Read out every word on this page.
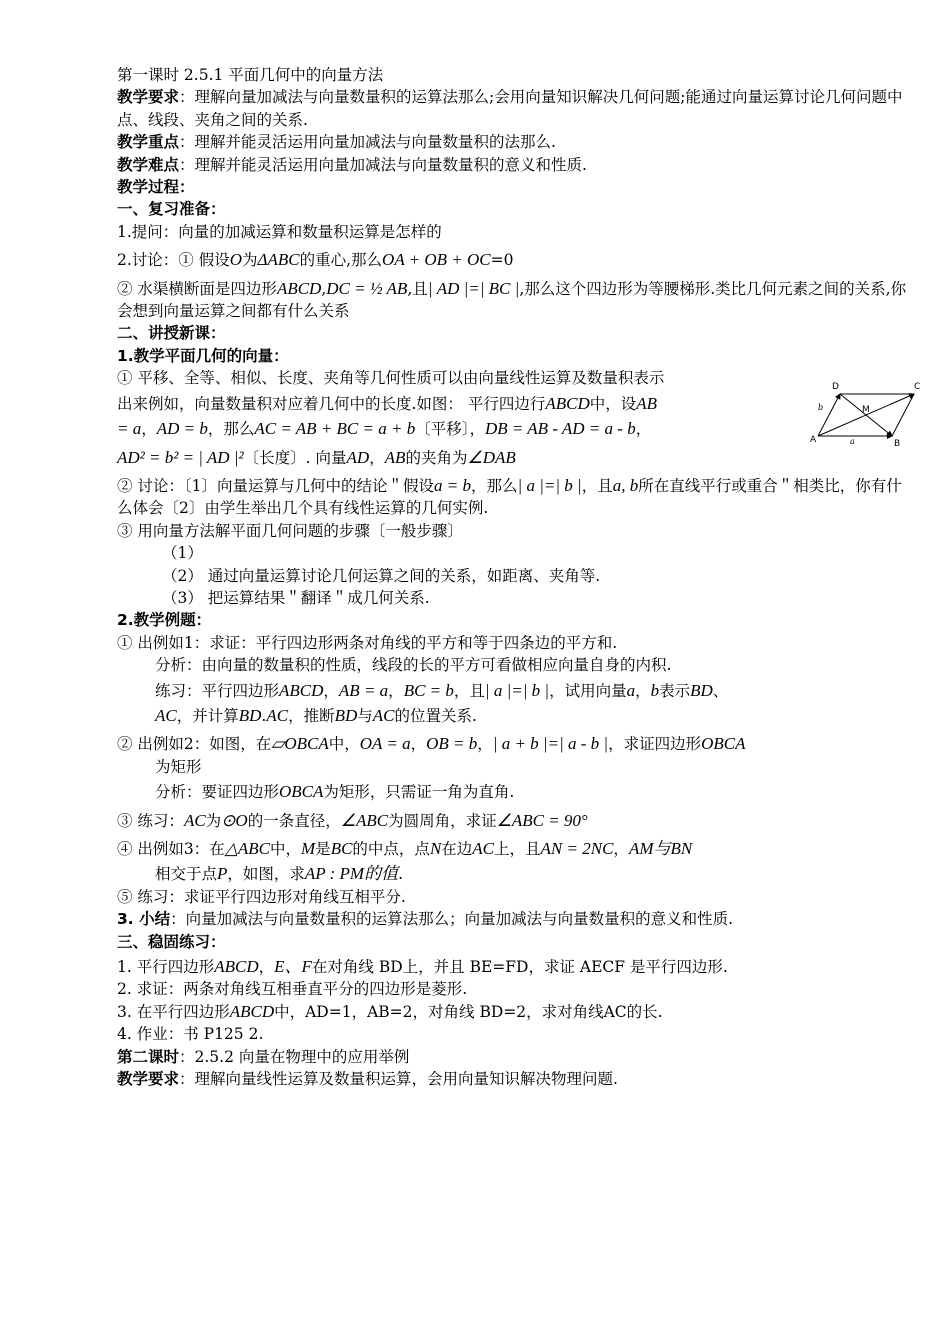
第一课时 2.5.1 平面几何中的向量方法

教学要求：理解向量加减法与向量数量积的运算法那么;会用向量知识解决几何问题;能通过向量运算讨论几何问题中点、线段、夹角之间的关系.

教学重点：理解并能灵活运用向量加减法与向量数量积的法那么.

教学难点：理解并能灵活运用向量加减法与向量数量积的意义和性质.

教学过程：

一、复习准备：

1.提问：向量的加减运算和数量积运算是怎样的

2.讨论：① 假设O为ΔABC的重心,那么OA + OB + OC=0

② 水渠横断面是四边形ABCD,DC = ½ AB,且| AD |=| BC |,那么这个四边形为等腰梯形.类比几何元素之间的关系,你会想到向量运算之间都有什么关系

二、讲授新课：

1.教学平面几何的向量：

① 平移、全等、相似、长度、夹角等几何性质可以由向量线性运算及数量积表示

出来例如，向量数量积对应着几何中的长度.如图： 平行四边行ABCD中，设AB

= a，AD = b，那么AC = AB + BC = a + b〔平移〕，DB = AB - AD = a - b，

AD² = b² = | AD |²〔长度〕. 向量AD，AB的夹角为∠DAB

② 讨论：〔1〕向量运算与几何中的结论＂假设a = b，那么| a |=| b |，且a, b所在直线平行或重合＂相类比，你有什么体会〔2〕由学生举出几个具有线性运算的几何实例.

③ 用向量方法解平面几何问题的步骤〔一般步骤〕

（1）

（2） 通过向量运算讨论几何运算之间的关系，如距离、夹角等.

（3） 把运算结果＂翻译＂成几何关系.

2.教学例题：

① 出例如1：求证：平行四边形两条对角线的平方和等于四条边的平方和.

分析：由向量的数量积的性质，线段的长的平方可看做相应向量自身的内积.

练习：平行四边形ABCD，AB = a，BC = b，且| a |=| b |，试用向量a，b表示BD、

AC，并计算BD.AC，推断BD与AC的位置关系.

② 出例如2：如图，在▱OBCA中，OA = a，OB = b，| a + b |=| a - b |，求证四边形OBCA

为矩形

分析：要证四边形OBCA为矩形，只需证一角为直角.

③ 练习：AC为⊙O的一条直径，∠ABC为圆周角，求证∠ABC = 90°

④ 出例如3：在△ABC中，M是BC的中点，点N在边AC上，且AN = 2NC，AM与BN

相交于点P，如图，求AP : PM的值.

⑤ 练习：求证平行四边形对角线互相平分.

3. 小结：向量加减法与向量数量积的运算法那么；向量加减法与向量数量积的意义和性质.

三、稳固练习：

1. 平行四边形ABCD，E、F在对角线 BD上，并且 BE=FD，求证 AECF 是平行四边形.

2. 求证：两条对角线互相垂直平分的四边形是菱形.

3. 在平行四边形ABCD中，AD=1，AB=2，对角线 BD=2，求对角线AC的长.

4. 作业：书 P125 2.

第二课时：2.5.2 向量在物理中的应用举例

教学要求：理解向量线性运算及数量积运算，会用向量知识解决物理问题.

D	C
A	B
M
a
b
